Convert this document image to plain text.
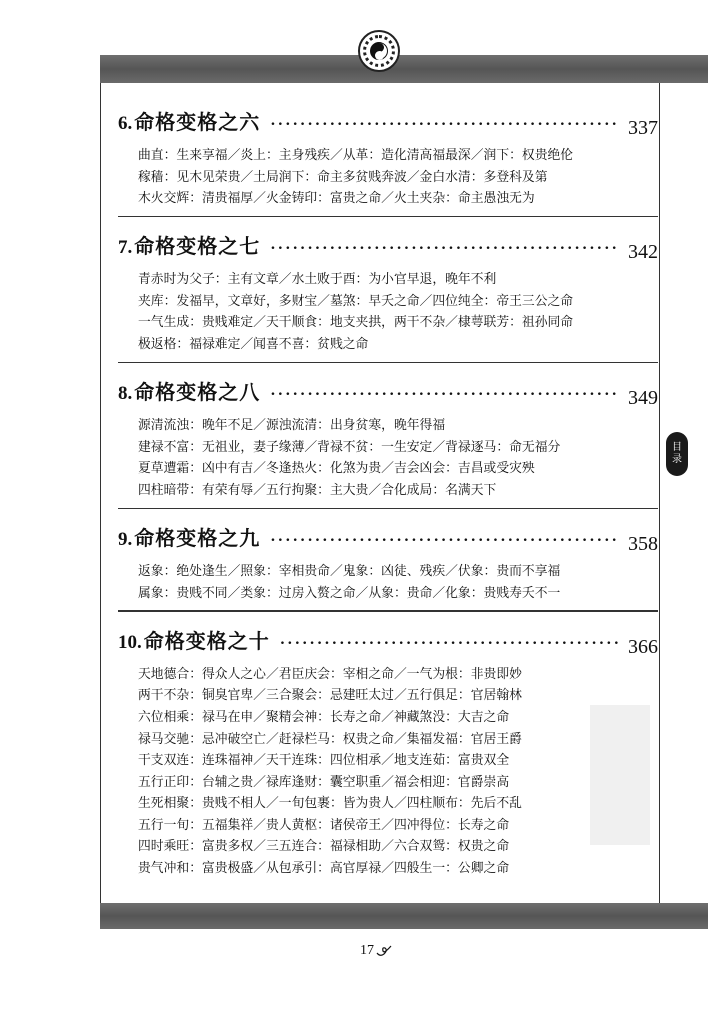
6. 命格变格之六 •••••	337
曲直：生来享福／炎上：主身残疾／从革：造化清高福最深／润下：权贵绝伦
稼穑：见木见荣贵／土局润下：命主多贫贱奔波／金白水清：多登科及第
木火交辉：清贵福厚／火金铸印：富贵之命／火土夹杂：命主愚浊无为
7. 命格变格之七 •••••	342
青赤时为父子：主有文章／水土败于酉：为小官早退，晚年不利
夹库：发福早，文章好，多财宝／墓煞：早夭之命／四位纯全：帝王三公之命
一气生成：贵贱难定／天干顺食：地支夹拱，两干不杂／棣萼联芳：祖孙同命
极返格：福禄难定／闻喜不喜：贫贱之命
8. 命格变格之八 •••••	349
源清流浊：晚年不足／源浊流清：出身贫寒，晚年得福
建禄不富：无祖业，妻子缘薄／背禄不贫：一生安定／背禄逐马：命无福分
夏草遭霜：凶中有吉／冬逢热火：化煞为贵／吉会凶会：吉昌或受灾殃
四柱暗带：有荣有辱／五行拘聚：主大贵／合化成局：名满天下
9. 命格变格之九 •••••	358
返象：绝处逢生／照象：宰相贵命／鬼象：凶徒、残疾／伏象：贵而不享福
属象：贵贱不同／类象：过房入赘之命／从象：贵命／化象：贵贱寿夭不一
10. 命格变格之十 •••••	366
天地德合：得众人之心／君臣庆会：宰相之命／一气为根：非贵即妙
两干不杂：铜臭官卑／三合聚会：忌建旺太过／五行俱足：官居翰林
六位相乘：禄马在申／聚精会神：长寿之命／神藏煞没：大吉之命
禄马交驰：忌冲破空亡／赶禄栏马：权贵之命／集福发福：官居王爵
干支双连：连珠福神／天干连珠：四位相承／地支连茹：富贵双全
五行正印：台辅之贵／禄库逢财：囊空职重／福会相迎：官爵崇高
生死相聚：贵贱不相人／一旬包裹：皆为贵人／四柱顺布：先后不乱
五行一旬：五福集祥／贵人黄枢：诸侯帝王／四冲得位：长寿之命
四时乘旺：富贵多权／三五连合：福禄相助／六合双鸳：权贵之命
贵气冲和：富贵极盛／从包承引：高官厚禄／四般生一：公卿之命
目
录
17
